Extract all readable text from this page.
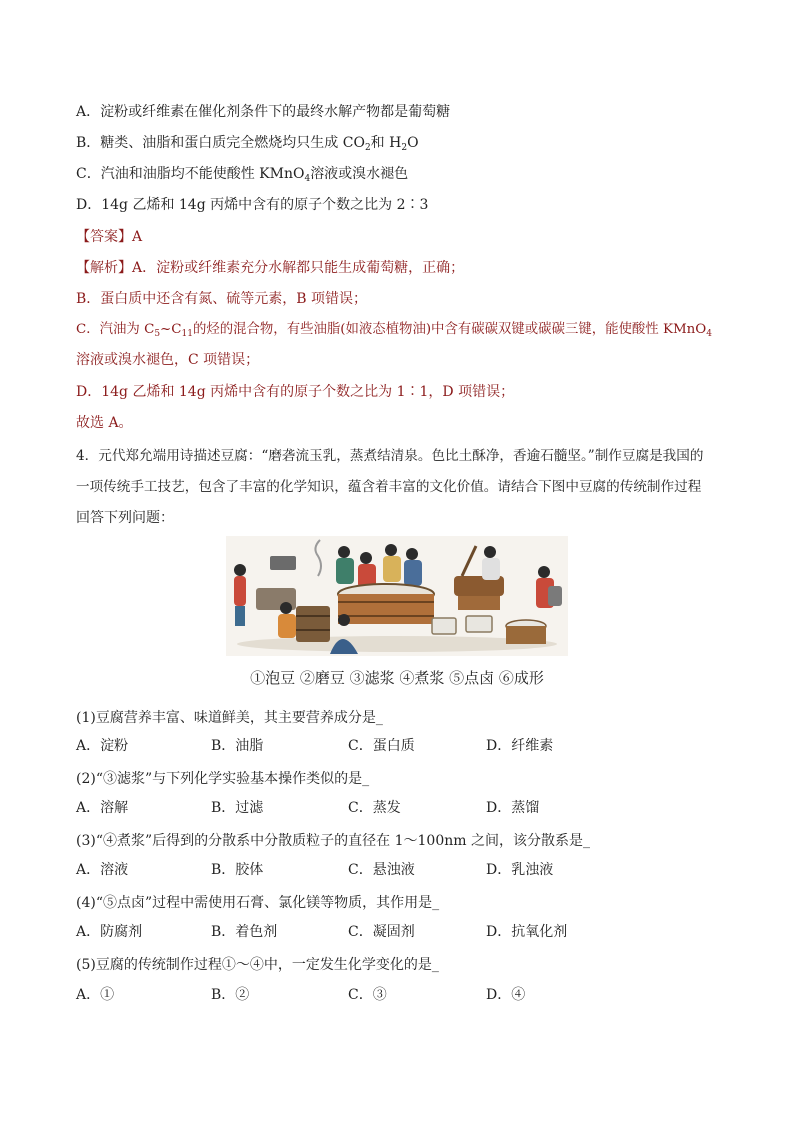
A．淀粉或纤维素在催化剂条件下的最终水解产物都是葡萄糖
B．糖类、油脂和蛋白质完全燃烧均只生成 $CO_2$和 $H_2O$
C．汽油和油脂均不能使酸性 KMnO$_4$溶液或溴水褪色
D．14g 乙烯和 14g 丙烯中含有的原子个数之比为 2∶3
【答案】A
【解析】A．淀粉或纤维素充分水解都只能生成葡萄糖，正确；
B．蛋白质中还含有氮、硫等元素，B 项错误；
C．汽油为 $C_5\sim C_{11}$的烃的混合物，有些油脂(如液态植物油)中含有碳碳双键或碳碳三键，能使酸性 KMnO$_4$
溶液或溴水褪色，C 项错误；
D．14g 乙烯和 14g 丙烯中含有的原子个数之比为 1∶1，D 项错误；
故选 A。
4．元代郑允端用诗描述豆腐：“磨砻流玉乳，蒸煮结清泉。色比土酥净，香逾石髓坚。”制作豆腐是我国的
一项传统手工技艺，包含了丰富的化学知识，蕴含着丰富的文化价值。请结合下图中豆腐的传统制作过程
回答下列问题：
①泡豆 ②磨豆 ③滤浆 ④煮浆 ⑤点卤 ⑥成形
(1)豆腐营养丰富、味道鲜美，其主要营养成分是_
A．淀粉	B．油脂	C．蛋白质	D．纤维素
(2)“③滤浆”与下列化学实验基本操作类似的是_
A．溶解	B．过滤	C．蒸发	D．蒸馏
(3)“④煮浆”后得到的分散系中分散质粒子的直径在 1～100nm 之间，该分散系是_
A．溶液	B．胶体	C．悬浊液	D．乳浊液
(4)“⑤点卤”过程中需使用石膏、氯化镁等物质，其作用是_
A．防腐剂	B．着色剂	C．凝固剂	D．抗氧化剂
(5)豆腐的传统制作过程①～④中，一定发生化学变化的是_
A．①	B．②	C．③	D．④
